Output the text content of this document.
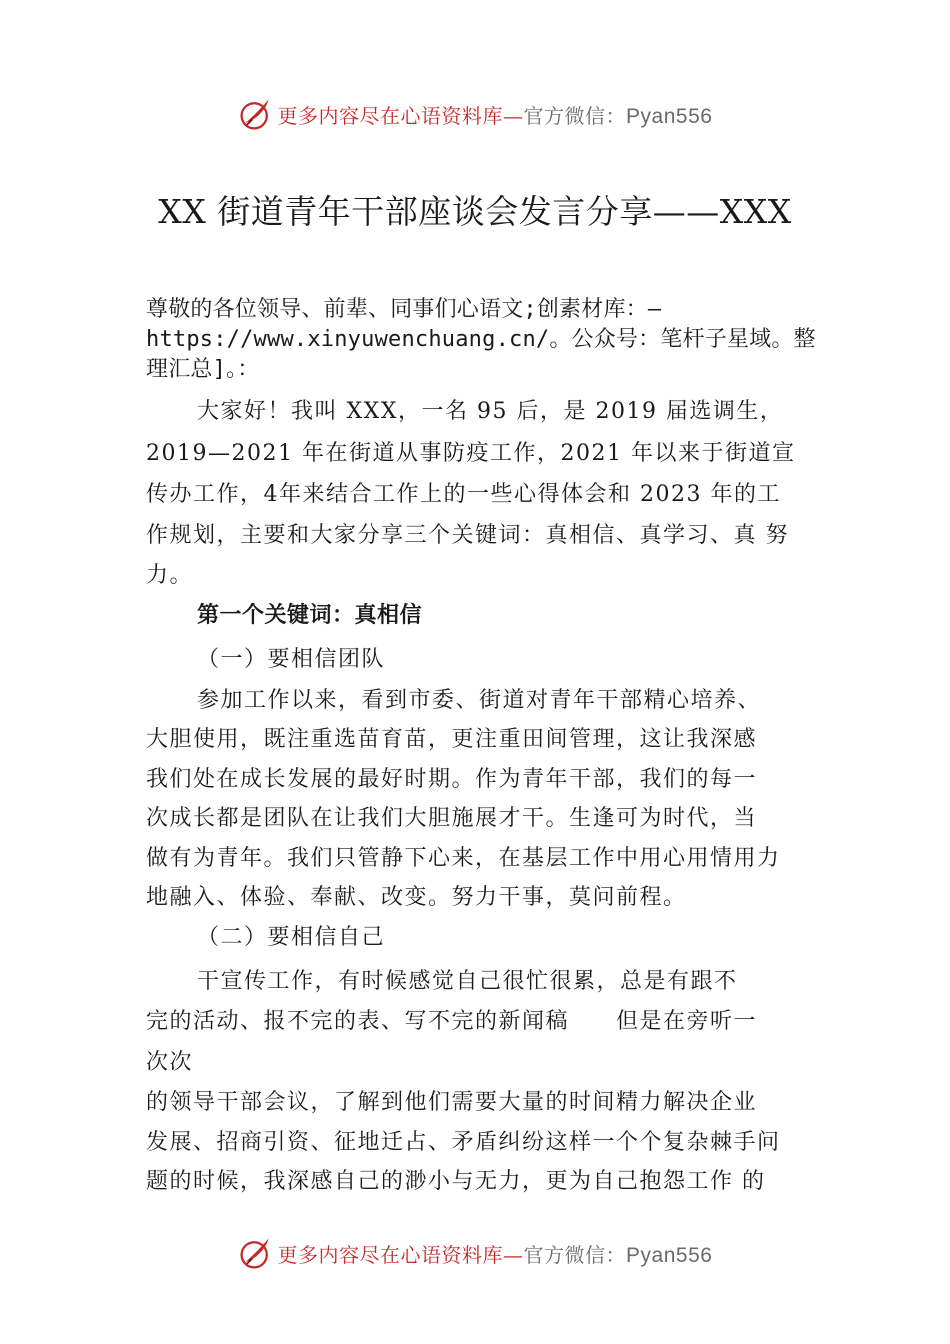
更多内容尽在心语资料库—官方微信：Pyan556
XX 街道青年干部座谈会发言分享——XXX
尊敬的各位领导、前辈、同事们心语文;创素材库：—
https://www.xinyuwenchuang.cn/。公众号：笔杆子星域。整
理汇总]。：
大家好！我叫 XXX，一名 95 后，是 2019 届选调生，
2019—2021 年在街道从事防疫工作，2021 年以来于街道宣
传办工作，4年来结合工作上的一些心得体会和 2023 年的工
作规划，主要和大家分享三个关键词：真相信、真学习、真 努
力。
第一个关键词：真相信
（一）要相信团队
参加工作以来，看到市委、街道对青年干部精心培养、
大胆使用，既注重选苗育苗，更注重田间管理，这让我深感
我们处在成长发展的最好时期。作为青年干部，我们的每一
次成长都是团队在让我们大胆施展才干。生逢可为时代，当
做有为青年。我们只管静下心来，在基层工作中用心用情用力
地融入、体验、奉献、改变。努力干事，莫问前程。
（二）要相信自己
干宣传工作，有时候感觉自己很忙很累，总是有跟不
完的活动、报不完的表、写不完的新闻稿　　但是在旁听一
次次
的领导干部会议，了解到他们需要大量的时间精力解决企业
发展、招商引资、征地迁占、矛盾纠纷这样一个个复杂棘手问
题的时候，我深感自己的渺小与无力，更为自己抱怨工作 的
更多内容尽在心语资料库—官方微信：Pyan556
